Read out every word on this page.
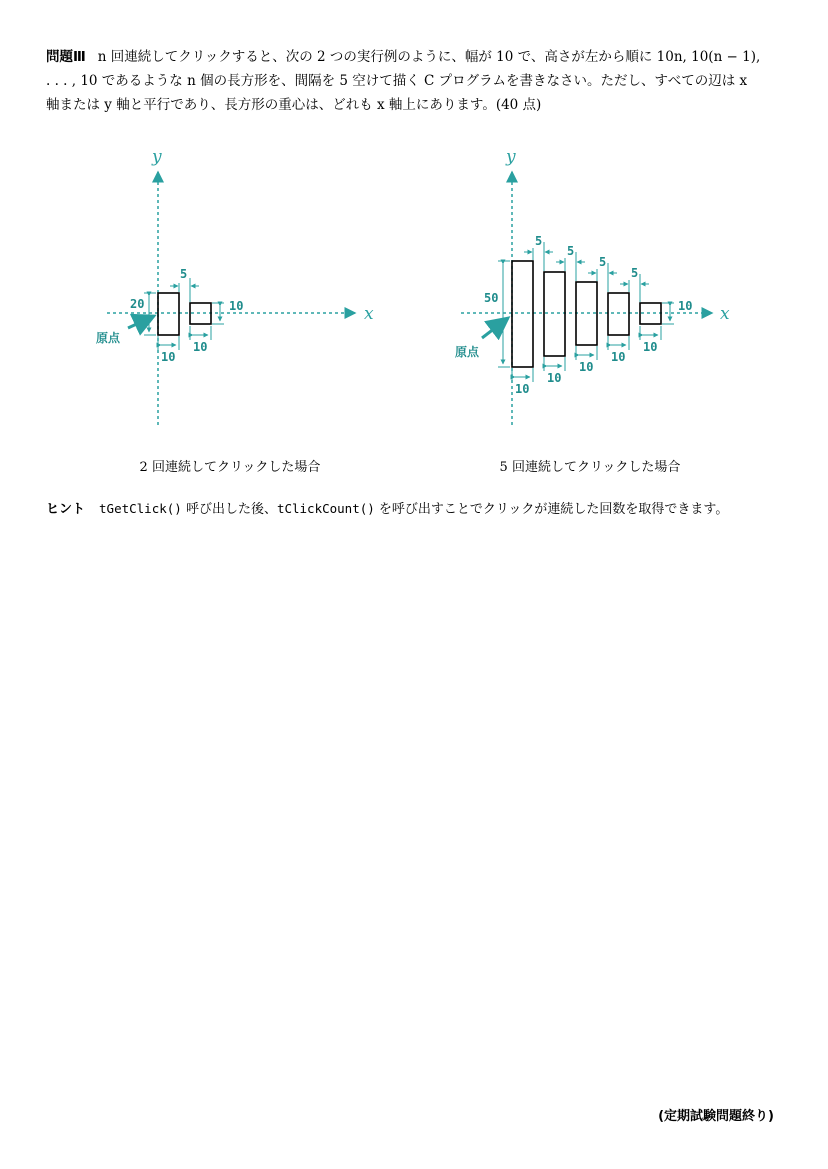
問題Ⅲ n 回連続してクリックすると、次の 2 つの実行例のように、幅が 10 で、高さが左から順に 10n, 10(n − 1),
. . . , 10 であるような n 個の長方形を、間隔を 5 空けて描く C プログラムを書きなさい。ただし、すべての辺は x
軸または y 軸と平行であり、長方形の重心は、どれも x 軸上にあります。(40 点)
x
y
20
5
10
10
10
原点
2 回連続してクリックした場合
x
y
50
5
5
5
5
10
10
10
10
10
10
原点
5 回連続してクリックした場合
ヒント tGetClick() 呼び出した後、tClickCount() を呼び出すことでクリックが連続した回数を取得できます。
(定期試験問題終り)
